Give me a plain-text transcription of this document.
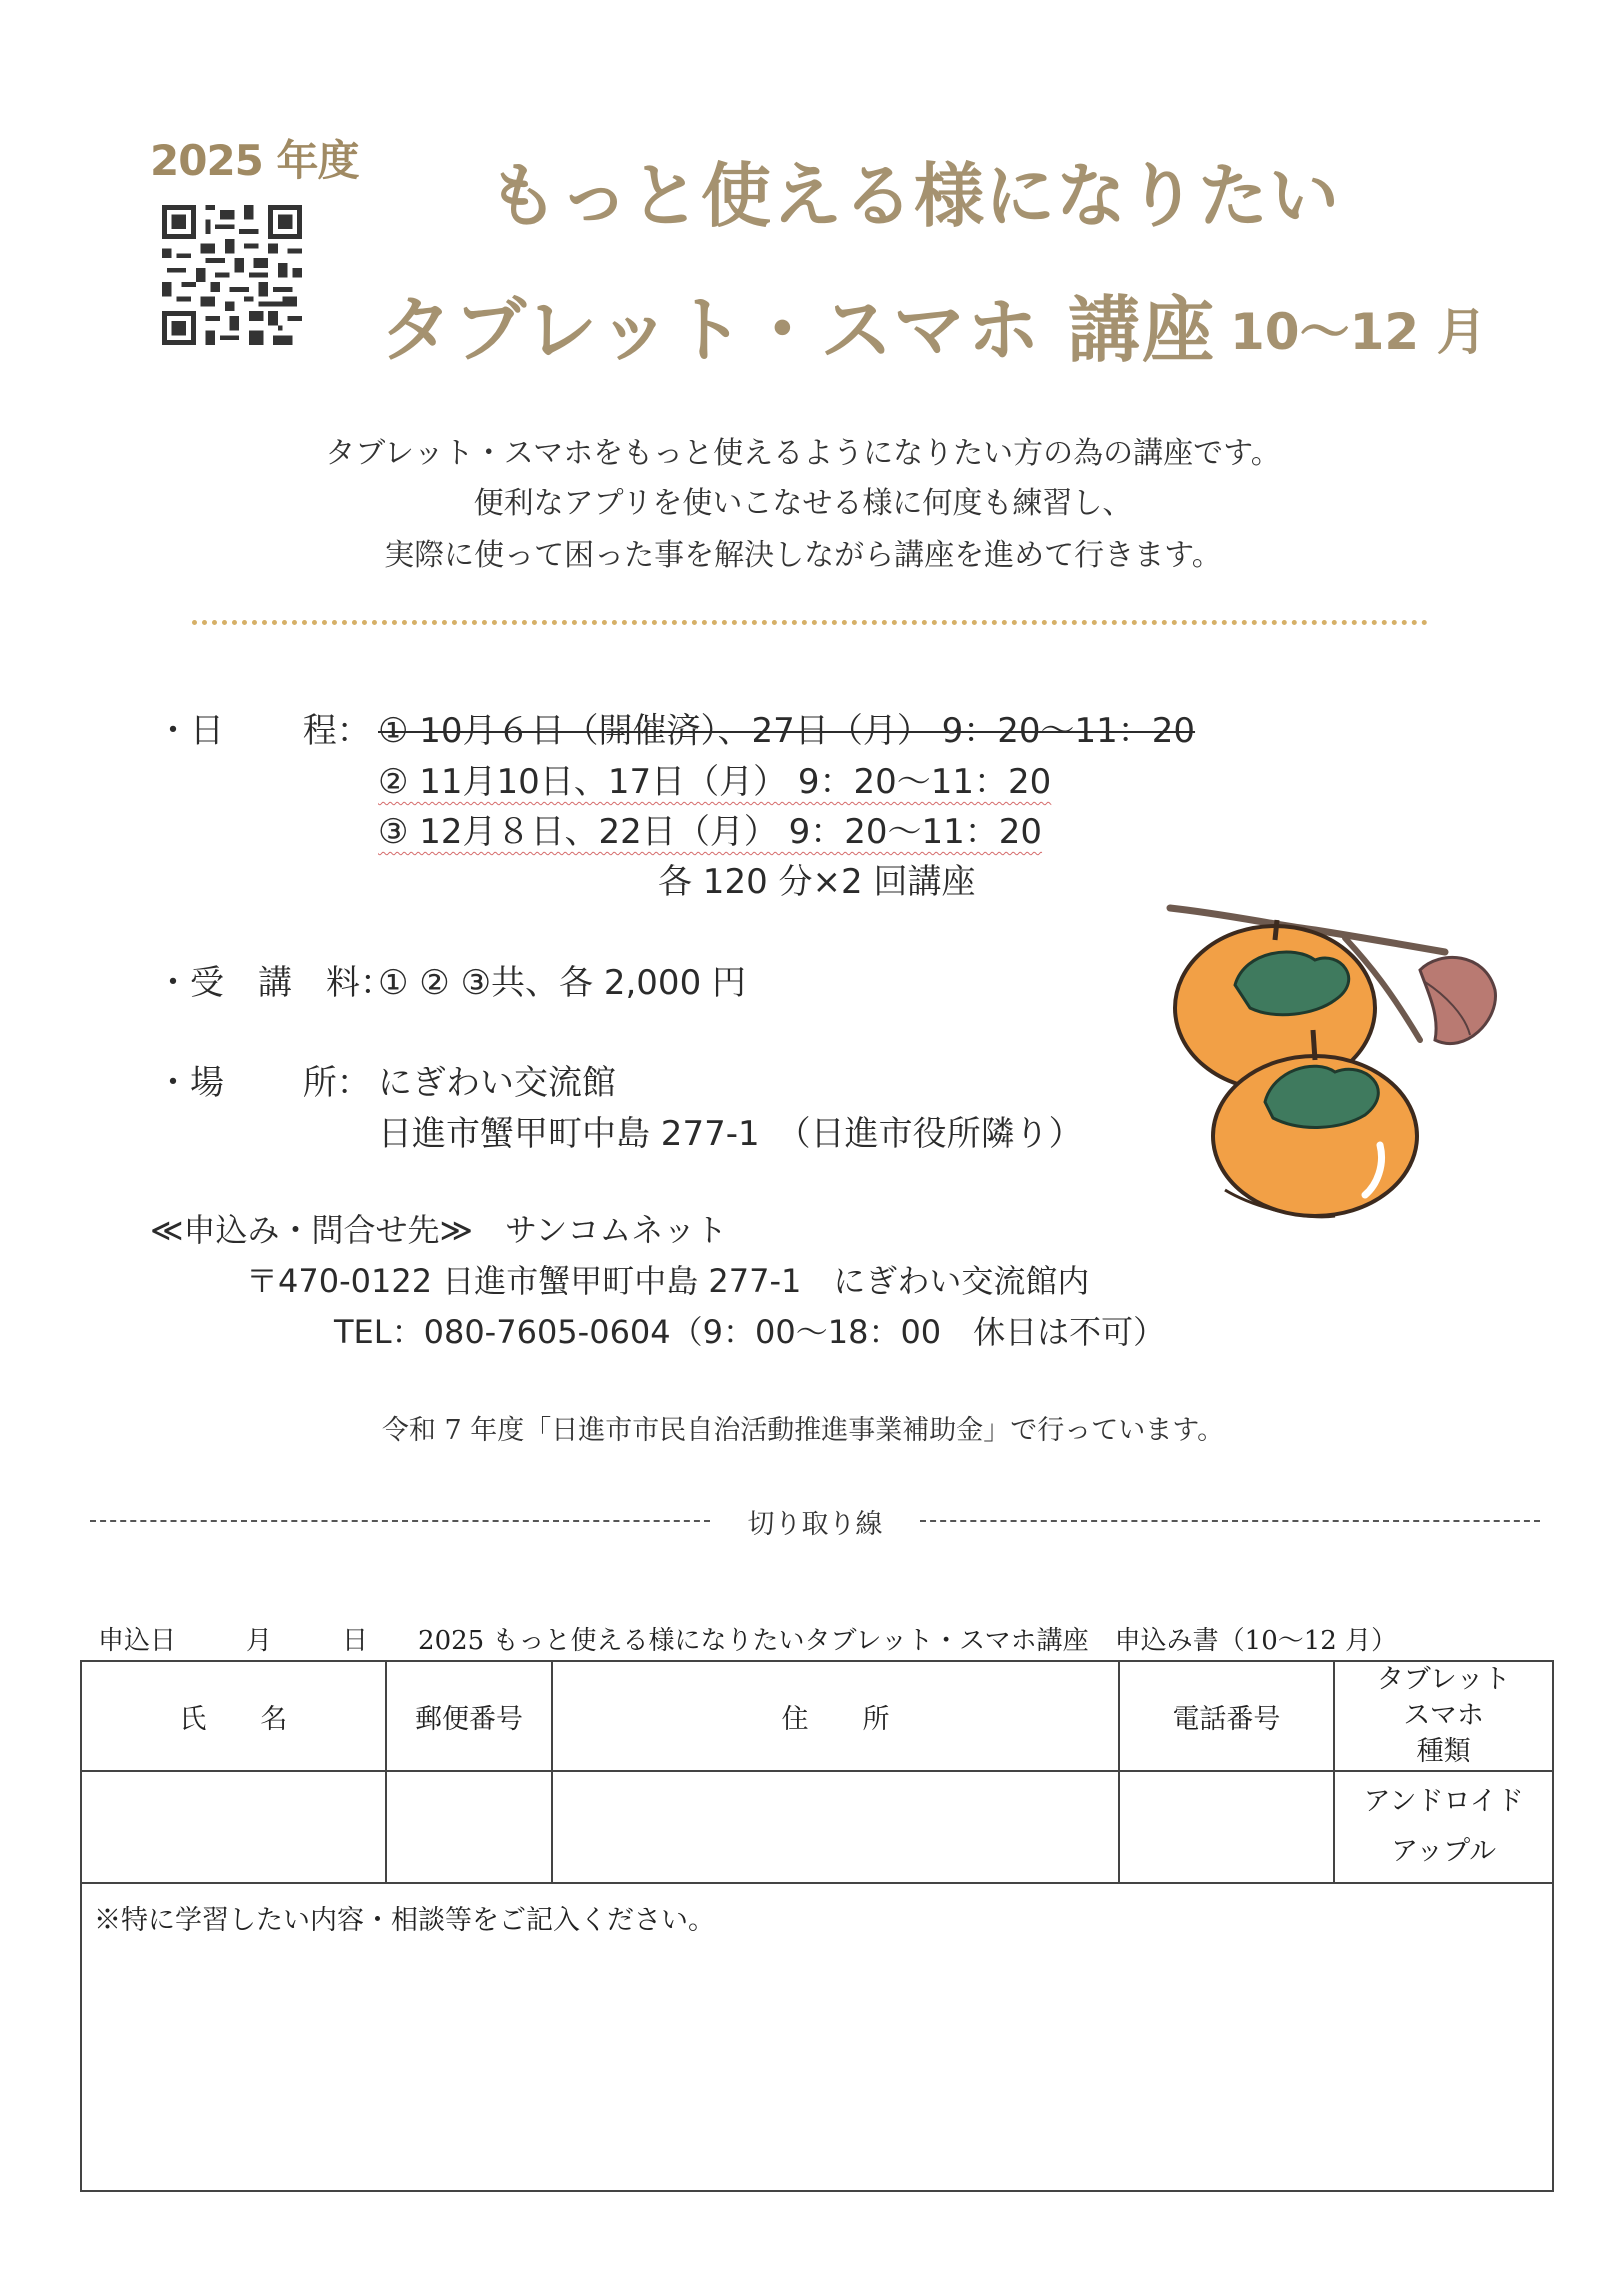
2025 年度 もっと使える様になりたい
タブレット・スマホ 講座 10～12 月
タブレット・スマホをもっと使えるようになりたい方の為の講座です。
便利なアプリを使いこなせる様に何度も練習し、
実際に使って困った事を解決しながら講座を進めて行きます。
・日　　 程： ① 10月６日（開催済）、27日（月） 9：20～11：20
② 11月10日、17日（月） 9：20～11：20
③ 12月８日、22日（月） 9：20～11：20
各 120 分×2 回講座
・受　講　料：
① ② ③共、各 2,000 円
・場　　 所： にぎわい交流館
日進市蟹甲町中島 277-1　（日進市役所隣り）
≪申込み・問合せ先≫　サンコムネット
〒470-0122 日進市蟹甲町中島 277-1　にぎわい交流館内
TEL：080-7605-0604（9：00～18：00　休日は不可）
令和 7 年度「日進市市民自治活動推進事業補助金」で行っています。
切り取り線
申込日	月	日 2025 もっと使える様になりたいタブレット・スマホ講座　申込み書（10～12 月）
氏　　名	郵便番号	住　　所	電話番号	タブレット
スマホ
種類

				アンドロイド
アップル

※特に学習したい内容・相談等をご記入ください。				
